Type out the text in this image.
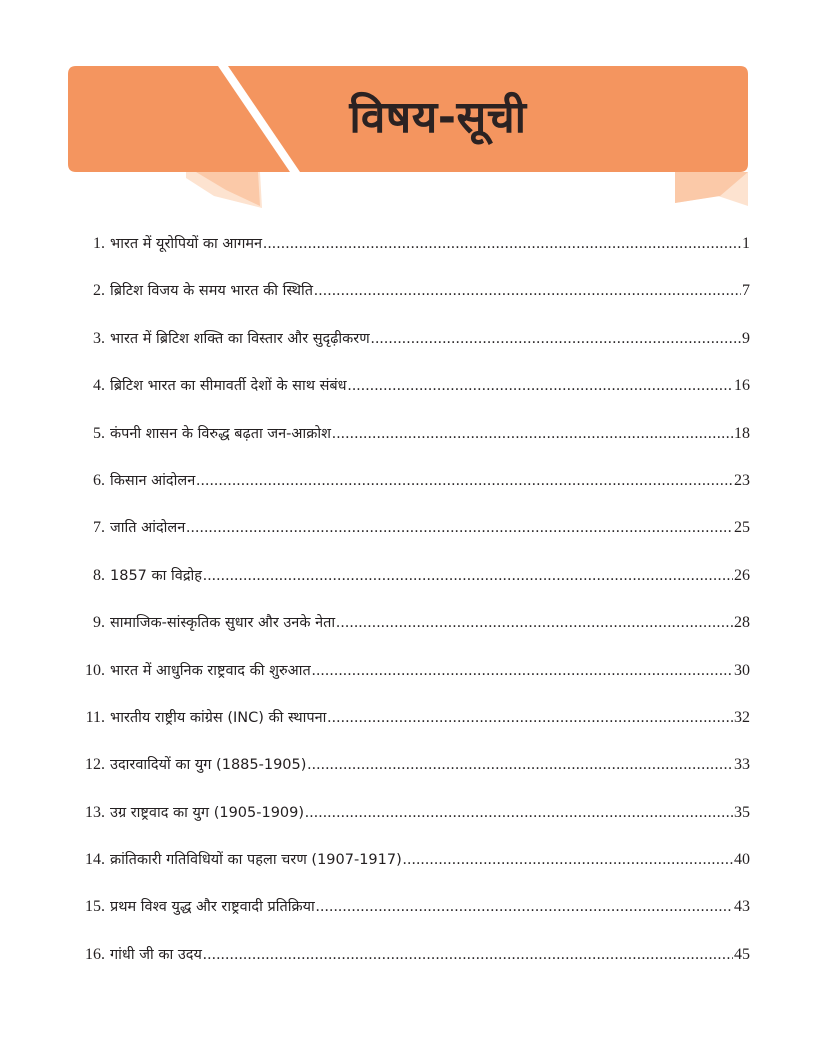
विषय-सूची
1. भारत में यूरोपियों का आगमन .....	1
2. ब्रिटिश विजय के समय भारत की स्थिति .....	7
3. भारत में ब्रिटिश शक्ति का विस्तार और सुदृढ़ीकरण .....	9
4. ब्रिटिश भारत का सीमावर्ती देशों के साथ संबंध .....	16
5. कंपनी शासन के विरुद्ध बढ़ता जन-आक्रोश .....	18
6. किसान आंदोलन .....	23
7. जाति आंदोलन .....	25
8. 1857 का विद्रोह .....	26
9. सामाजिक-सांस्कृतिक सुधार और उनके नेता .....	28
10. भारत में आधुनिक राष्ट्रवाद की शुरुआत .....	30
11. भारतीय राष्ट्रीय कांग्रेस (INC) की स्थापना .....	32
12. उदारवादियों का युग (1885-1905) .....	33
13. उग्र राष्ट्रवाद का युग (1905-1909) .....	35
14. क्रांतिकारी गतिविधियों का पहला चरण (1907-1917) .....	40
15. प्रथम विश्व युद्ध और राष्ट्रवादी प्रतिक्रिया .....	43
16. गांधी जी का उदय .....	45
